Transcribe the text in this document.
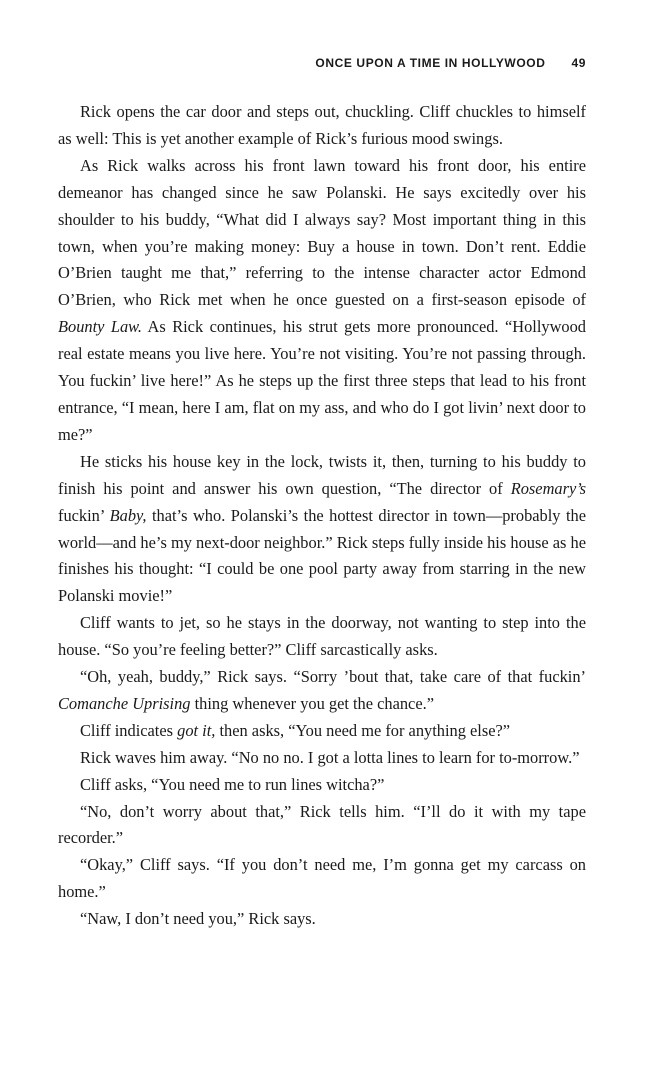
ONCE UPON A TIME IN HOLLYWOOD 49

Rick opens the car door and steps out, chuckling. Cliff chuckles to himself as well: This is yet another example of Rick’s furious mood swings.

As Rick walks across his front lawn toward his front door, his entire demeanor has changed since he saw Polanski. He says excitedly over his shoulder to his buddy, “What did I always say? Most important thing in this town, when you’re making money: Buy a house in town. Don’t rent. Eddie O’Brien taught me that,” referring to the intense character actor Edmond O’Brien, who Rick met when he once guested on a first-season episode of Bounty Law. As Rick continues, his strut gets more pronounced. “Hollywood real estate means you live here. You’re not visiting. You’re not passing through. You fuckin’ live here!” As he steps up the first three steps that lead to his front entrance, “I mean, here I am, flat on my ass, and who do I got livin’ next door to me?”

He sticks his house key in the lock, twists it, then, turning to his buddy to finish his point and answer his own question, “The director of Rosemary’s fuckin’ Baby, that’s who. Polanski’s the hottest director in town—probably the world—and he’s my next-door neighbor.” Rick steps fully inside his house as he finishes his thought: “I could be one pool party away from starring in the new Polanski movie!”

Cliff wants to jet, so he stays in the doorway, not wanting to step into the house. “So you’re feeling better?” Cliff sarcastically asks.

“Oh, yeah, buddy,” Rick says. “Sorry ’bout that, take care of that fuckin’ Comanche Uprising thing whenever you get the chance.”

Cliff indicates got it, then asks, “You need me for anything else?”

Rick waves him away. “No no no. I got a lotta lines to learn for to-morrow.”

Cliff asks, “You need me to run lines witcha?”

“No, don’t worry about that,” Rick tells him. “I’ll do it with my tape recorder.”

“Okay,” Cliff says. “If you don’t need me, I’m gonna get my carcass on home.”

“Naw, I don’t need you,” Rick says.
